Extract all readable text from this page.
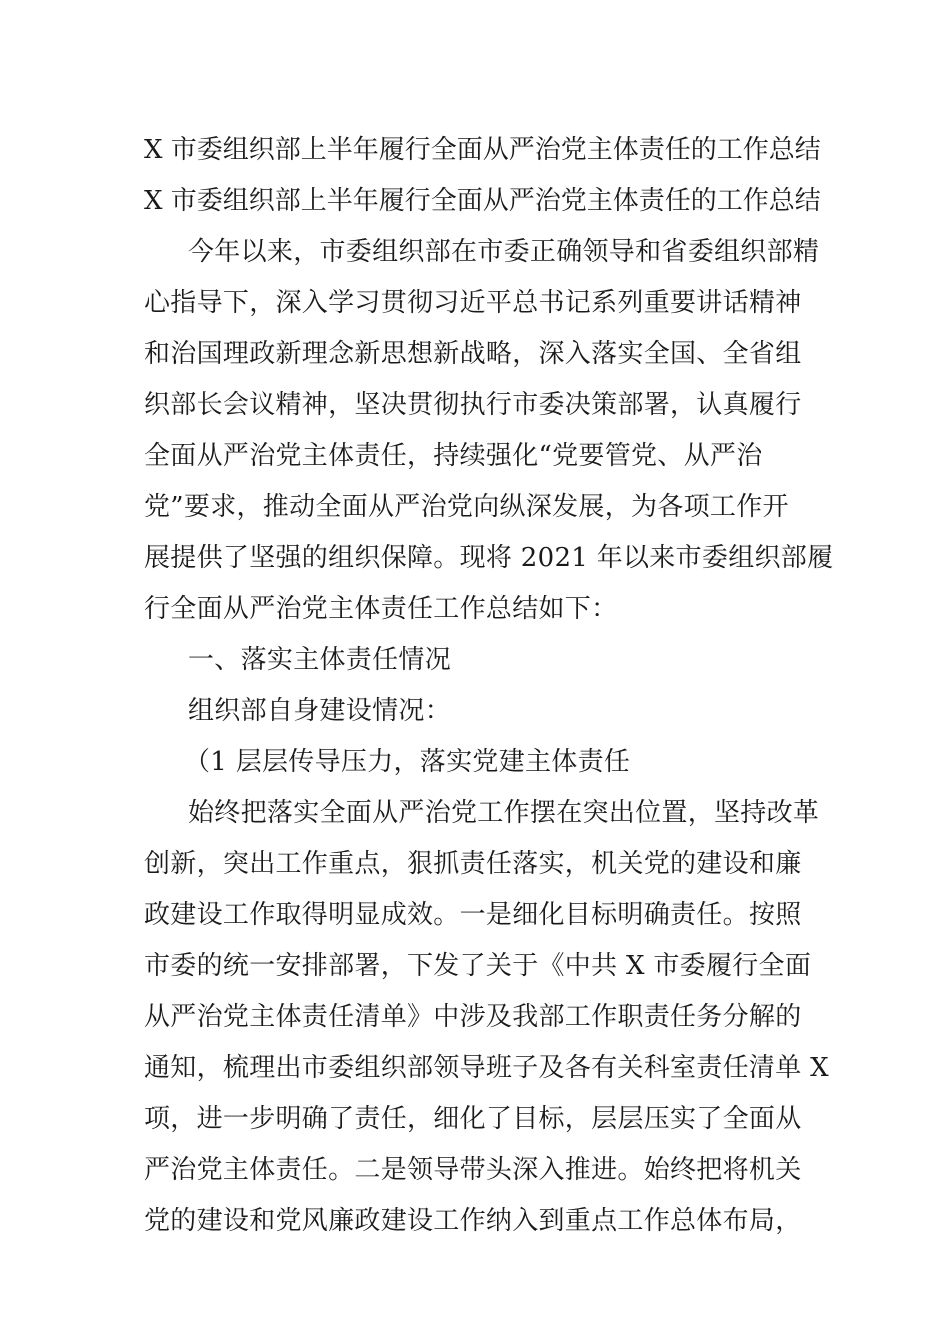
X 市委组织部上半年履行全面从严治党主体责任的工作总结
X 市委组织部上半年履行全面从严治党主体责任的工作总结
今年以来，市委组织部在市委正确领导和省委组织部精
心指导下，深入学习贯彻习近平总书记系列重要讲话精神
和治国理政新理念新思想新战略，深入落实全国、全省组
织部长会议精神，坚决贯彻执行市委决策部署，认真履行
全面从严治党主体责任，持续强化“党要管党、从严治
党”要求，推动全面从严治党向纵深发展，为各项工作开
展提供了坚强的组织保障。现将 2021 年以来市委组织部履
行全面从严治党主体责任工作总结如下：
一、落实主体责任情况
组织部自身建设情况：
（1 层层传导压力，落实党建主体责任
始终把落实全面从严治党工作摆在突出位置，坚持改革
创新，突出工作重点，狠抓责任落实，机关党的建设和廉
政建设工作取得明显成效。一是细化目标明确责任。按照
市委的统一安排部署，下发了关于《中共 X 市委履行全面
从严治党主体责任清单》中涉及我部工作职责任务分解的
通知，梳理出市委组织部领导班子及各有关科室责任清单 X
项，进一步明确了责任，细化了目标，层层压实了全面从
严治党主体责任。二是领导带头深入推进。始终把将机关
党的建设和党风廉政建设工作纳入到重点工作总体布局，
